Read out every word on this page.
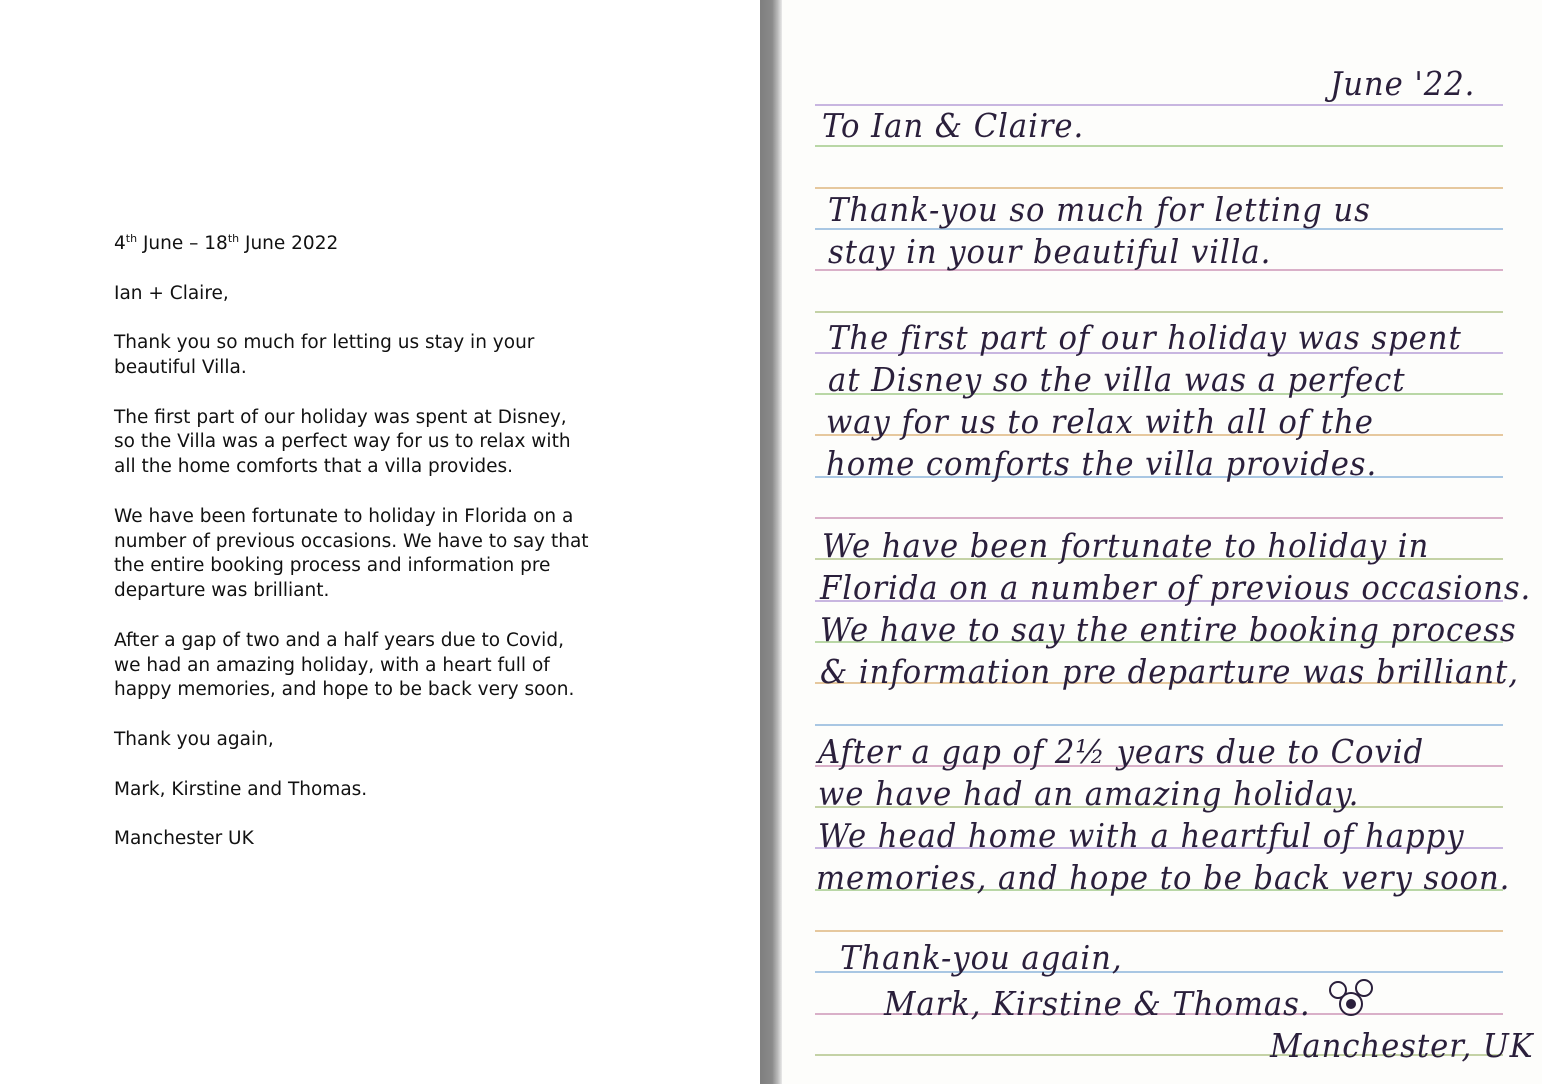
4th June – 18th June 2022

Ian + Claire,

Thank you so much for letting us stay in your
beautiful Villa.

The first part of our holiday was spent at Disney,
so the Villa was a perfect way for us to relax with
all the home comforts that a villa provides.

We have been fortunate to holiday in Florida on a
number of previous occasions. We have to say that
the entire booking process and information pre
departure was brilliant.

After a gap of two and a half years due to Covid,
we had an amazing holiday, with a heart full of
happy memories, and hope to be back very soon.

Thank you again,

Mark, Kirstine and Thomas.

Manchester UK

June '22.
To Ian & Claire.
Thank-you so much for letting us
stay in your beautiful villa.
The first part of our holiday was spent
at Disney so the villa was a perfect
way for us to relax with all of the
home comforts the villa provides.
We have been fortunate to holiday in
Florida on a number of previous occasions.
We have to say the entire booking process
& information pre departure was brilliant,
After a gap of 2½ years due to Covid
we have had an amazing holiday.
We head home with a heartful of happy
memories, and hope to be back very soon.
Thank-you again,
Mark, Kirstine & Thomas.
Manchester, UK
